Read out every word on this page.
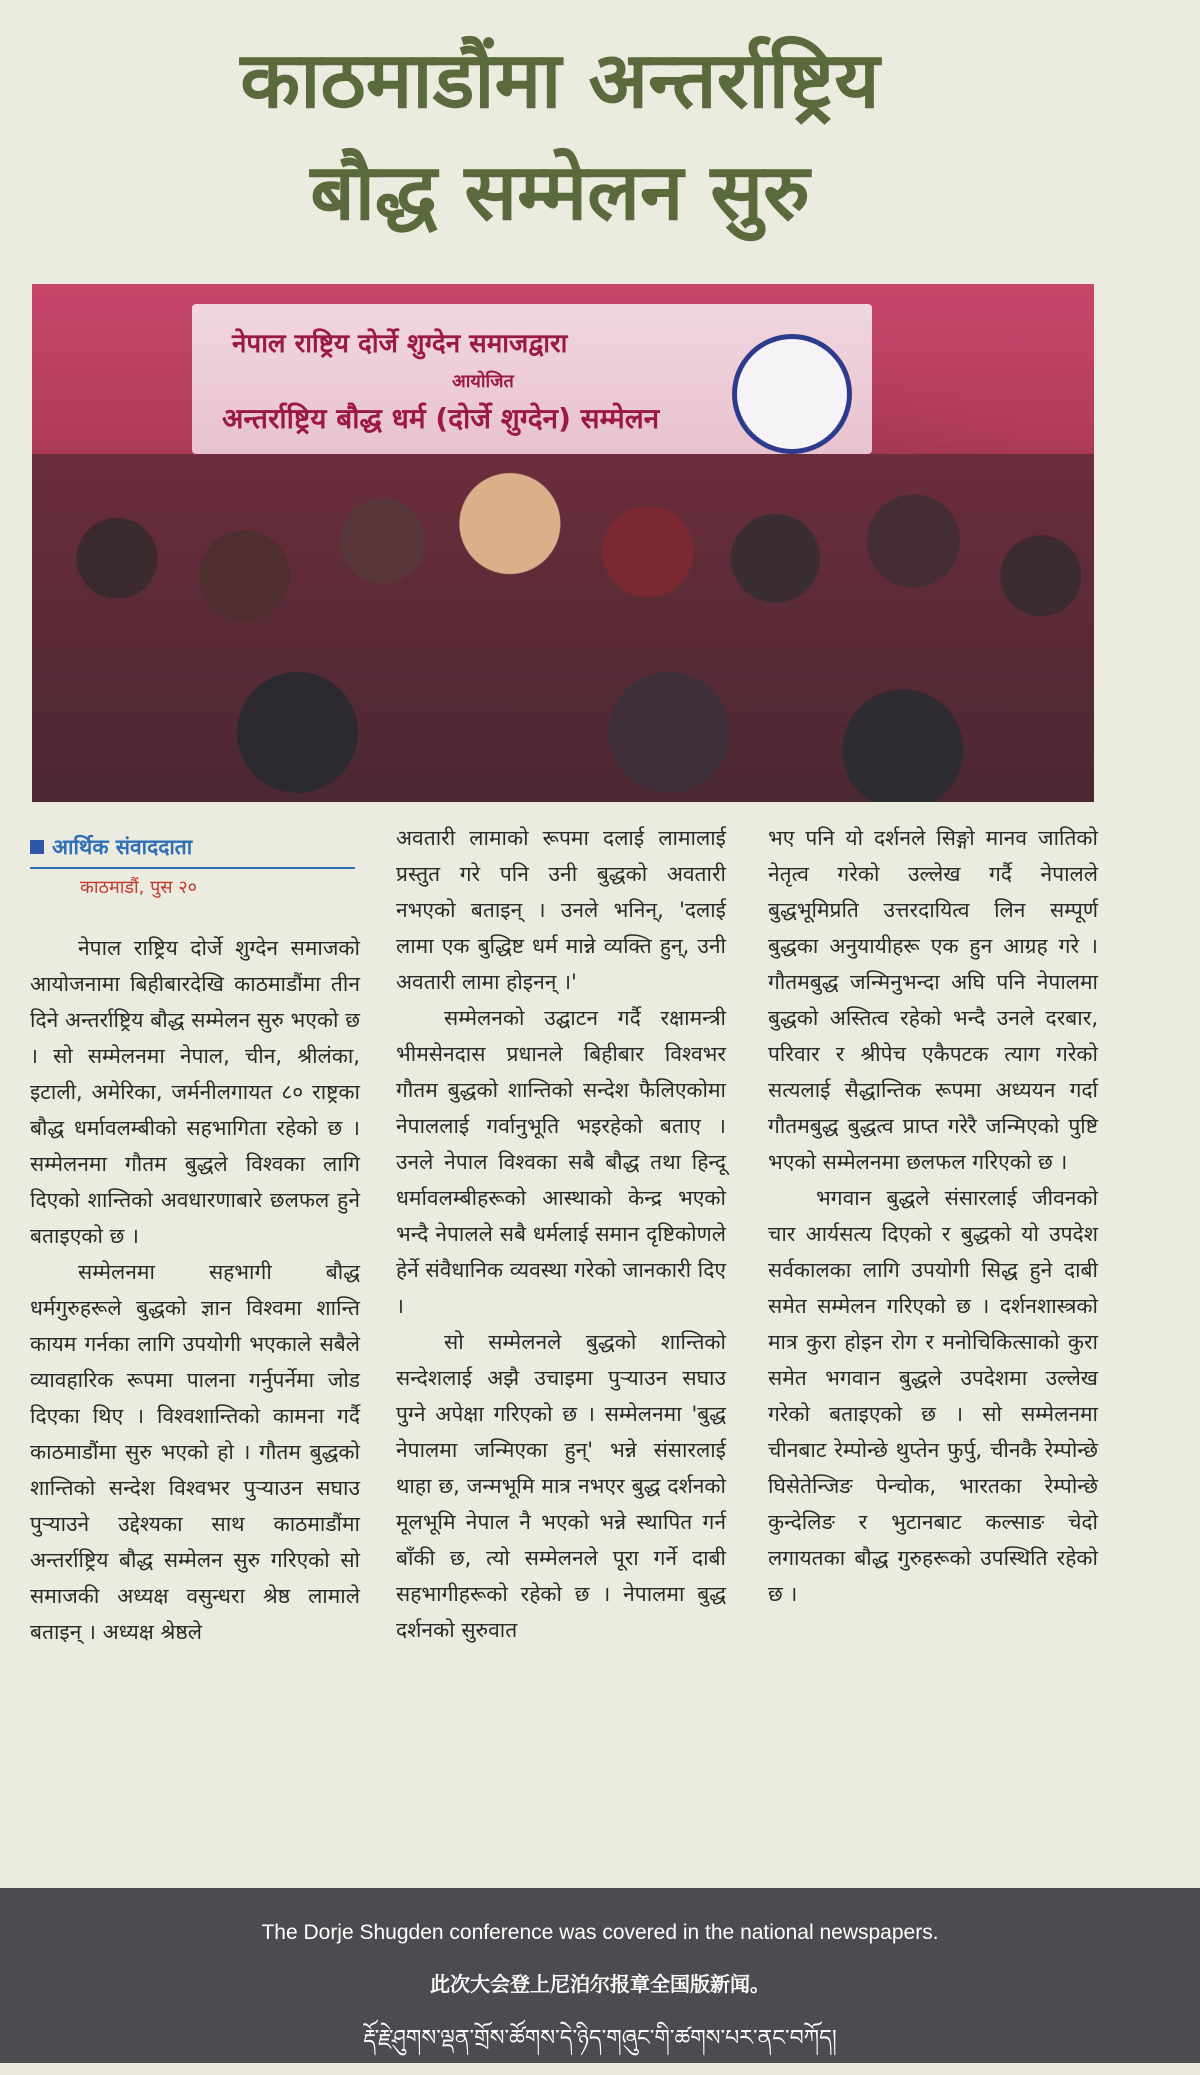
काठमाडौंमा अन्तर्राष्ट्रिय
बौद्ध सम्मेलन सुरु
नेपाल राष्ट्रिय दोर्जे शुग्देन समाजद्वारा
आयोजित
अन्तर्राष्ट्रिय बौद्ध धर्म (दोर्जे शुग्देन) सम्मेलन
आर्थिक संवाददाता
काठमाडौं, पुस २०

नेपाल राष्ट्रिय दोर्जे शुग्देन समाजको आयोजनामा बिहीबारदेखि काठमाडौंमा तीन दिने अन्तर्राष्ट्रिय बौद्ध सम्मेलन सुरु भएको छ । सो सम्मेलनमा नेपाल, चीन, श्रीलंका, इटाली, अमेरिका, जर्मनीलगायत ८० राष्ट्रका बौद्ध धर्मावलम्बीको सहभागिता रहेको छ । सम्मेलनमा गौतम बुद्धले विश्वका लागि दिएको शान्तिको अवधारणाबारे छलफल हुने बताइएको छ ।

सम्मेलनमा सहभागी बौद्ध धर्मगुरुहरूले बुद्धको ज्ञान विश्वमा शान्ति कायम गर्नका लागि उपयोगी भएकाले सबैले व्यावहारिक रूपमा पालना गर्नुपर्नेमा जोड दिएका थिए । विश्वशान्तिको कामना गर्दै काठमाडौंमा सुरु भएको हो । गौतम बुद्धको शान्तिको सन्देश विश्वभर पुऱ्याउन सघाउ पुऱ्याउने उद्देश्यका साथ काठमाडौंमा अन्तर्राष्ट्रिय बौद्ध सम्मेलन सुरु गरिएको सो समाजकी अध्यक्ष वसुन्धरा श्रेष्ठ लामाले बताइन् । अध्यक्ष श्रेष्ठले

अवतारी लामाको रूपमा दलाई लामालाई प्रस्तुत गरे पनि उनी बुद्धको अवतारी नभएको बताइन् । उनले भनिन्, 'दलाई लामा एक बुद्धिष्ट धर्म मान्ने व्यक्ति हुन्, उनी अवतारी लामा होइनन् ।'

सम्मेलनको उद्घाटन गर्दै रक्षामन्त्री भीमसेनदास प्रधानले बिहीबार विश्वभर गौतम बुद्धको शान्तिको सन्देश फैलिएकोमा नेपाललाई गर्वानुभूति भइरहेको बताए । उनले नेपाल विश्वका सबै बौद्ध तथा हिन्दू धर्मावलम्बीहरूको आस्थाको केन्द्र भएको भन्दै नेपालले सबै धर्मलाई समान दृष्टिकोणले हेर्ने संवैधानिक व्यवस्था गरेको जानकारी दिए ।

सो सम्मेलनले बुद्धको शान्तिको सन्देशलाई अझै उचाइमा पुऱ्याउन सघाउ पुग्ने अपेक्षा गरिएको छ । सम्मेलनमा 'बुद्ध नेपालमा जन्मिएका हुन्' भन्ने संसारलाई थाहा छ, जन्मभूमि मात्र नभएर बुद्ध दर्शनको मूलभूमि नेपाल नै भएको भन्ने स्थापित गर्न बाँकी छ, त्यो सम्मेलनले पूरा गर्ने दाबी सहभागीहरूको रहेको छ । नेपालमा बुद्ध दर्शनको सुरुवात

भए पनि यो दर्शनले सिङ्गो मानव जातिको नेतृत्व गरेको उल्लेख गर्दै नेपालले बुद्धभूमिप्रति उत्तरदायित्व लिन सम्पूर्ण बुद्धका अनुयायीहरू एक हुन आग्रह गरे । गौतमबुद्ध जन्मिनुभन्दा अघि पनि नेपालमा बुद्धको अस्तित्व रहेको भन्दै उनले दरबार, परिवार र श्रीपेच एकैपटक त्याग गरेको सत्यलाई सैद्धान्तिक रूपमा अध्ययन गर्दा गौतमबुद्ध बुद्धत्व प्राप्त गरेरै जन्मिएको पुष्टि भएको सम्मेलनमा छलफल गरिएको छ ।

भगवान बुद्धले संसारलाई जीवनको चार आर्यसत्य दिएको र बुद्धको यो उपदेश सर्वकालका लागि उपयोगी सिद्ध हुने दाबी समेत सम्मेलन गरिएको छ । दर्शनशास्त्रको मात्र कुरा होइन रोग र मनोचिकित्साको कुरा समेत भगवान बुद्धले उपदेशमा उल्लेख गरेको बताइएको छ । सो सम्मेलनमा चीनबाट रेम्पोन्छे थुप्तेन फुर्पु, चीनकै रेम्पोन्छे घिसेतेन्जिङ पेन्चोक, भारतका रेम्पोन्छे कुन्देलिङ र भुटानबाट कल्साङ चेदो लगायतका बौद्ध गुरुहरूको उपस्थिति रहेको छ ।

The Dorje Shugden conference was covered in the national newspapers.
此次大会登上尼泊尔报章全国版新闻。
རྡོ་རྗེ་ཤུགས་ལྡན་གྲོས་ཚོགས་དེ་ཉིད་གཞུང་གི་ཚགས་པར་ནང་བཀོད།
